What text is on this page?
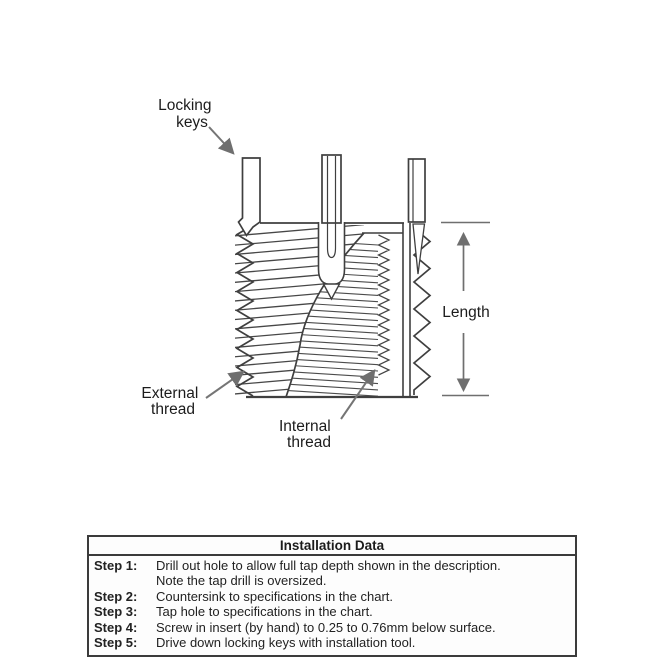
Locking keys
Length
External thread
Internal thread
Installation Data
Step 1:	Drill out hole to allow full tap depth shown in the description.
Note the tap drill is oversized.
Step 2:	Countersink to specifications in the chart.
Step 3:	Tap hole to specifications in the chart.
Step 4:	Screw in insert (by hand) to 0.25 to 0.76mm below surface.
Step 5:	Drive down locking keys with installation tool.
